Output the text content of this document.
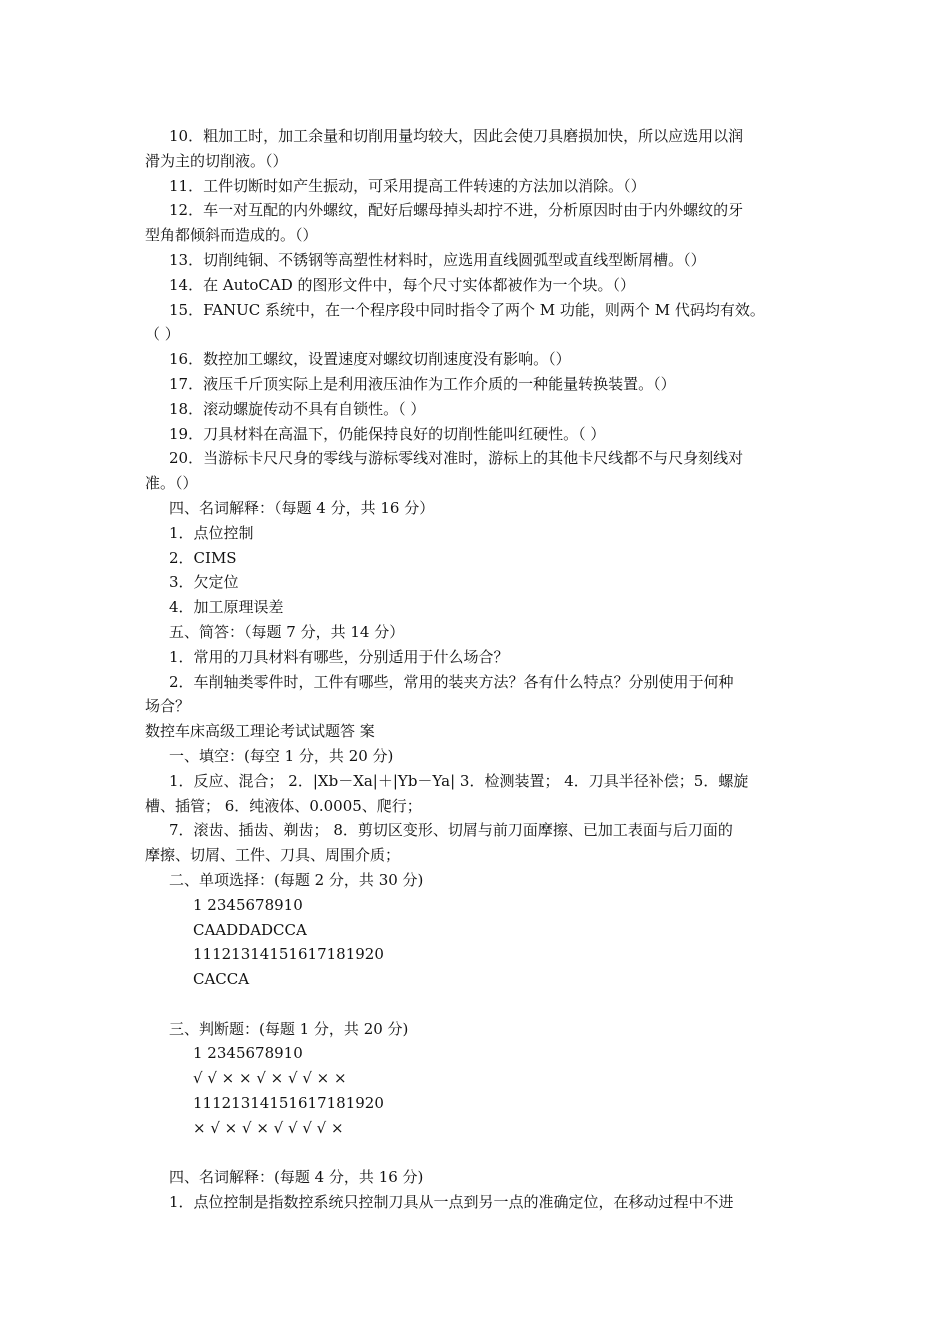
10．粗加工时，加工余量和切削用量均较大，因此会使刀具磨损加快，所以应选用以润

滑为主的切削液。（）

11．工件切断时如产生振动，可采用提高工件转速的方法加以消除。（）

12．车一对互配的内外螺纹，配好后螺母掉头却拧不进，分析原因时由于内外螺纹的牙

型角都倾斜而造成的。（）

13．切削纯铜、不锈钢等高塑性材料时，应选用直线圆弧型或直线型断屑槽。（）

14．在 AutoCAD 的图形文件中，每个尺寸实体都被作为一个块。（）

15．FANUC 系统中，在一个程序段中同时指令了两个 M 功能，则两个 M 代码均有效。

（ ）

16．数控加工螺纹，设置速度对螺纹切削速度没有影响。（）

17．液压千斤顶实际上是利用液压油作为工作介质的一种能量转换装置。（）

18．滚动螺旋传动不具有自锁性。（ ）

19．刀具材料在高温下，仍能保持良好的切削性能叫红硬性。（ ）

20．当游标卡尺尺身的零线与游标零线对准时，游标上的其他卡尺线都不与尺身刻线对

准。（）

四、名词解释：（每题 4 分，共 16 分）

1．点位控制

2．CIMS

3．欠定位

4．加工原理误差

五、简答：（每题 7 分，共 14 分）

1．常用的刀具材料有哪些，分别适用于什么场合？

2．车削轴类零件时，工件有哪些，常用的装夹方法？各有什么特点？分别使用于何种

场合？

数控车床高级工理论考试试题答 案

一、填空：(每空 1 分，共 20 分)

1．反应、混合； 2．|Xb－Xa|＋|Yb－Ya| 3．检测装置； 4．刀具半径补偿；5．螺旋

槽、插管； 6．纯液体、0.0005、爬行；

7．滚齿、插齿、剃齿； 8．剪切区变形、切屑与前刀面摩擦、已加工表面与后刀面的

摩擦、切屑、工件、刀具、周围介质；

二、单项选择：(每题 2 分，共 30 分)

1 2345678910

CAADDADCCA

11121314151617181920

CACCA

三、判断题：(每题 1 分，共 20 分)

1 2345678910

√ √ × × √ × √ √ × ×

11121314151617181920

× √ × √ × √ √ √ √ ×

四、名词解释：(每题 4 分，共 16 分)

1．点位控制是指数控系统只控制刀具从一点到另一点的准确定位，在移动过程中不进
